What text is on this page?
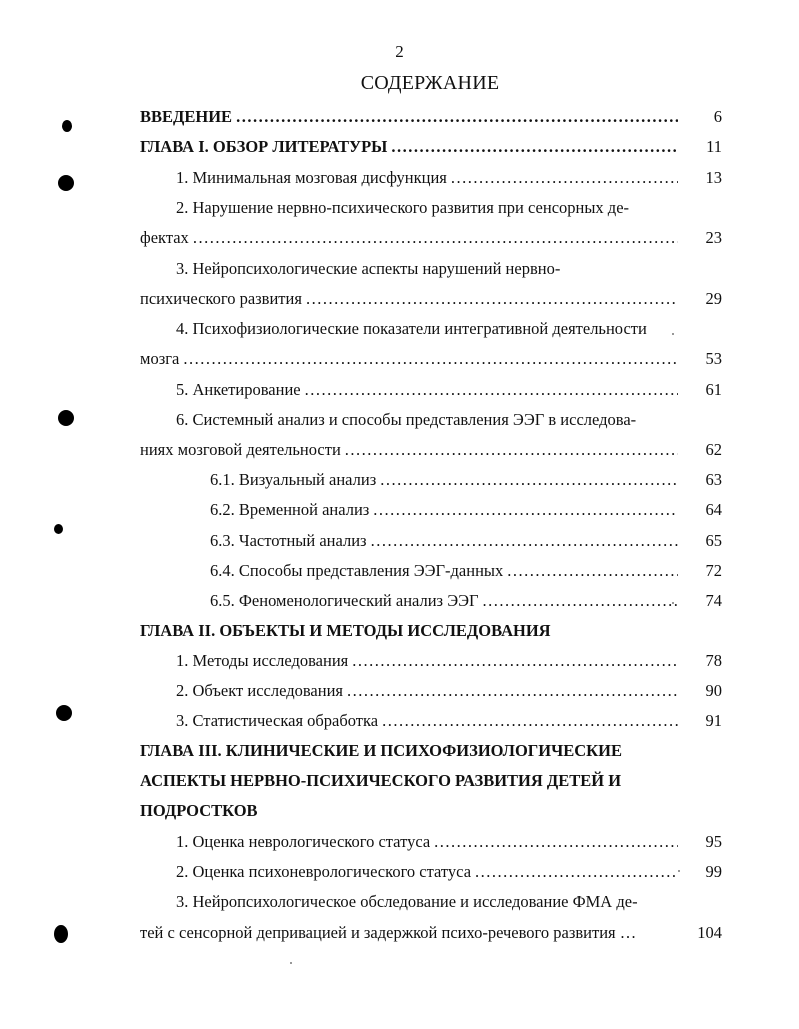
2
СОДЕРЖАНИЕ
ВВЕДЕНИЕ .....	6
ГЛАВА I. ОБЗОР ЛИТЕРАТУРЫ .....	11
1. Минимальная мозговая дисфункция .....	13
2. Нарушение нервно-психического развития при сенсорных де-
фектах .....	23
3. Нейропсихологические аспекты нарушений нервно-
психического развития .....	29
4. Психофизиологические показатели интегративной деятельности
мозга .....	53
5. Анкетирование .....	61
6. Системный анализ и способы представления ЭЭГ в исследова-
ниях мозговой деятельности .....	62
6.1. Визуальный анализ .....	63
6.2. Временной анализ .....	64
6.3. Частотный анализ .....	65
6.4. Способы представления ЭЭГ-данных .....	72
6.5. Феноменологический анализ ЭЭГ .....	74
ГЛАВА II. ОБЪЕКТЫ И МЕТОДЫ ИССЛЕДОВАНИЯ
1. Методы исследования .....	78
2. Объект исследования .....	90
3. Статистическая обработка .....	91
ГЛАВА III. КЛИНИЧЕСКИЕ И ПСИХОФИЗИОЛОГИЧЕСКИЕ
АСПЕКТЫ НЕРВНО-ПСИХИЧЕСКОГО РАЗВИТИЯ ДЕТЕЙ И
ПОДРОСТКОВ
1. Оценка неврологического статуса .....	95
2. Оценка психоневрологического статуса .....	99
3. Нейропсихологическое обследование и исследование ФМА де-
тей с сенсорной депривацией и задержкой психо-речевого развития …	104
